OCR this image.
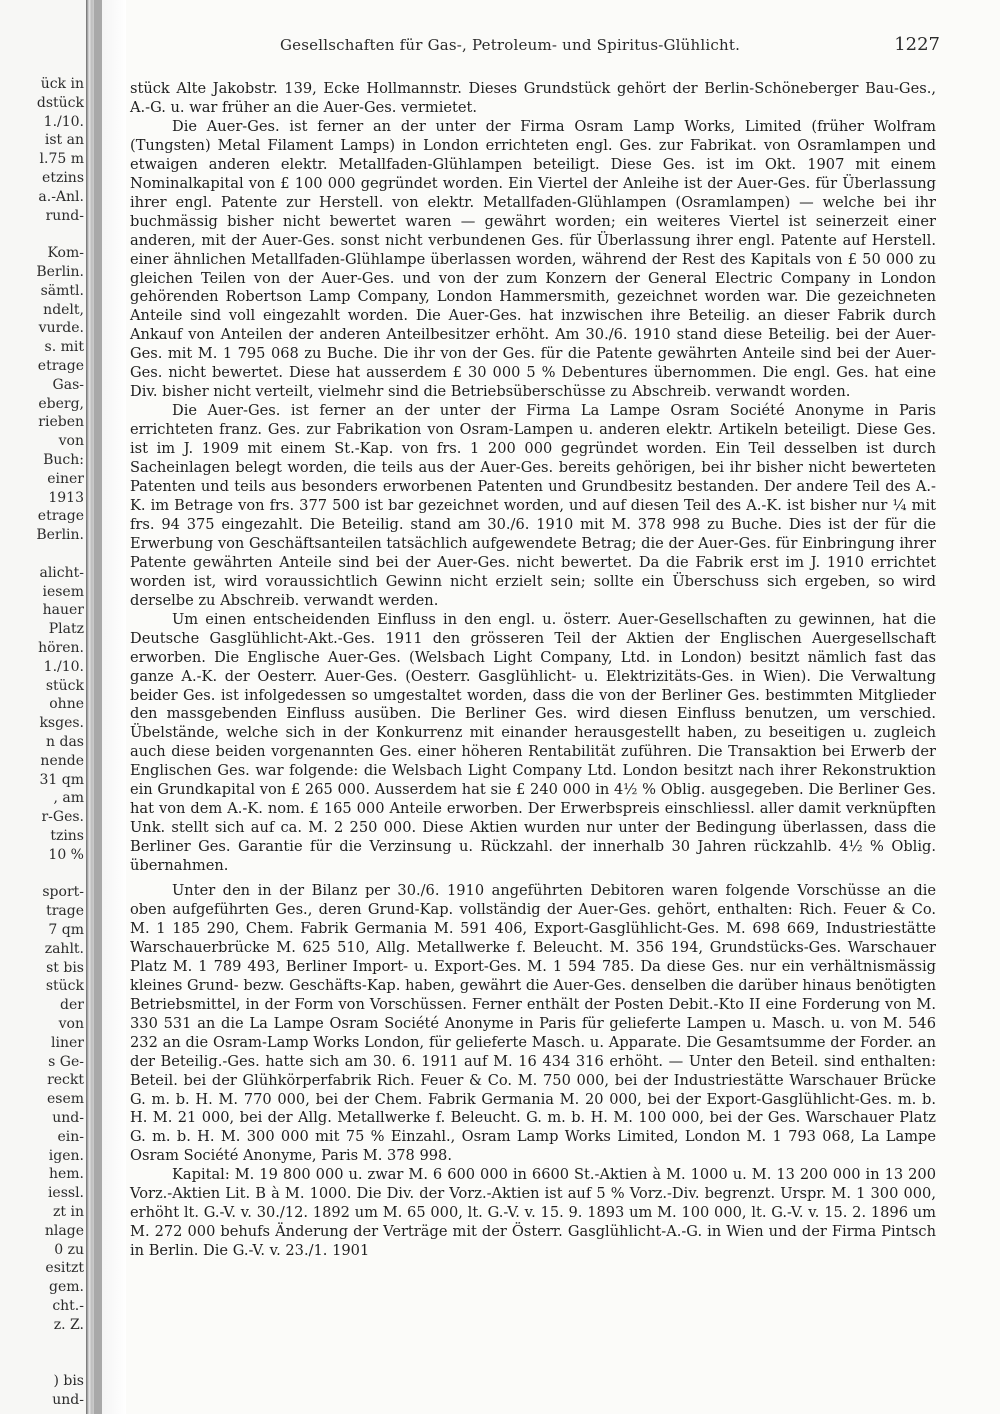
ück in
dstück
1./10.
ist an
l.75 m
etzins
a.-Anl.
rund-
Kom-
Berlin.
sämtl.
ndelt,
vurde.
s. mit
etrage
Gas-
eberg,
rieben
von
Buch:
einer
1913
etrage
Berlin.
alicht-
iesem
hauer
Platz
hören.
1./10.
stück
ohne
ksges.
n das
nende
31 qm
, am
r-Ges.
tzins
10 %
sport-
trage
7 qm
zahlt.
st bis
stück
der
von
liner
s Ge-
reckt
esem
und-
ein-
igen.
hem.
iessl.
zt in
nlage
0 zu
esitzt
gem.
cht.-
z. Z.
) bis
und-
Gesellschaften für Gas-, Petroleum- und Spiritus-Glühlicht.	1227

stück Alte Jakobstr. 139, Ecke Hollmannstr. Dieses Grundstück gehört der Berlin-Schöneberger Bau-Ges., A.-G. u. war früher an die Auer-Ges. vermietet.

Die Auer-Ges. ist ferner an der unter der Firma Osram Lamp Works, Limited (früher Wolfram (Tungsten) Metal Filament Lamps) in London errichteten engl. Ges. zur Fabrikat. von Osramlampen und etwaigen anderen elektr. Metallfaden-Glühlampen beteiligt. Diese Ges. ist im Okt. 1907 mit einem Nominalkapital von £ 100 000 gegründet worden. Ein Viertel der Anleihe ist der Auer-Ges. für Überlassung ihrer engl. Patente zur Herstell. von elektr. Metallfaden-Glühlampen (Osramlampen) — welche bei ihr buchmässig bisher nicht bewertet waren — gewährt worden; ein weiteres Viertel ist seinerzeit einer anderen, mit der Auer-Ges. sonst nicht verbundenen Ges. für Überlassung ihrer engl. Patente auf Herstell. einer ähnlichen Metallfaden-Glühlampe überlassen worden, während der Rest des Kapitals von £ 50 000 zu gleichen Teilen von der Auer-Ges. und von der zum Konzern der General Electric Company in London gehörenden Robertson Lamp Company, London Hammersmith, gezeichnet worden war. Die gezeichneten Anteile sind voll eingezahlt worden. Die Auer-Ges. hat inzwischen ihre Beteilig. an dieser Fabrik durch Ankauf von Anteilen der anderen Anteilbesitzer erhöht. Am 30./6. 1910 stand diese Beteilig. bei der Auer-Ges. mit M. 1 795 068 zu Buche. Die ihr von der Ges. für die Patente gewährten Anteile sind bei der Auer-Ges. nicht bewertet. Diese hat ausserdem £ 30 000 5 % Debentures übernommen. Die engl. Ges. hat eine Div. bisher nicht verteilt, vielmehr sind die Betriebsüberschüsse zu Abschreib. verwandt worden.

Die Auer-Ges. ist ferner an der unter der Firma La Lampe Osram Société Anonyme in Paris errichteten franz. Ges. zur Fabrikation von Osram-Lampen u. anderen elektr. Artikeln beteiligt. Diese Ges. ist im J. 1909 mit einem St.-Kap. von frs. 1 200 000 gegründet worden. Ein Teil desselben ist durch Sacheinlagen belegt worden, die teils aus der Auer-Ges. bereits gehörigen, bei ihr bisher nicht bewerteten Patenten und teils aus besonders erworbenen Patenten und Grundbesitz bestanden. Der andere Teil des A.-K. im Betrage von frs. 377 500 ist bar gezeichnet worden, und auf diesen Teil des A.-K. ist bisher nur ¼ mit frs. 94 375 eingezahlt. Die Beteilig. stand am 30./6. 1910 mit M. 378 998 zu Buche. Dies ist der für die Erwerbung von Geschäftsanteilen tatsächlich aufgewendete Betrag; die der Auer-Ges. für Einbringung ihrer Patente gewährten Anteile sind bei der Auer-Ges. nicht bewertet. Da die Fabrik erst im J. 1910 errichtet worden ist, wird voraussichtlich Gewinn nicht erzielt sein; sollte ein Überschuss sich ergeben, so wird derselbe zu Abschreib. verwandt werden.

Um einen entscheidenden Einfluss in den engl. u. österr. Auer-Gesellschaften zu gewinnen, hat die Deutsche Gasglühlicht-Akt.-Ges. 1911 den grösseren Teil der Aktien der Englischen Auergesellschaft erworben. Die Englische Auer-Ges. (Welsbach Light Company, Ltd. in London) besitzt nämlich fast das ganze A.-K. der Oesterr. Auer-Ges. (Oesterr. Gasglühlicht- u. Elektrizitäts-Ges. in Wien). Die Verwaltung beider Ges. ist infolgedessen so umgestaltet worden, dass die von der Berliner Ges. bestimmten Mitglieder den massgebenden Einfluss ausüben. Die Berliner Ges. wird diesen Einfluss benutzen, um verschied. Übelstände, welche sich in der Konkurrenz mit einander herausgestellt haben, zu beseitigen u. zugleich auch diese beiden vorgenannten Ges. einer höheren Rentabilität zuführen. Die Transaktion bei Erwerb der Englischen Ges. war folgende: die Welsbach Light Company Ltd. London besitzt nach ihrer Rekonstruktion ein Grundkapital von £ 265 000. Ausserdem hat sie £ 240 000 in 4½ % Oblig. ausgegeben. Die Berliner Ges. hat von dem A.-K. nom. £ 165 000 Anteile erworben. Der Erwerbspreis einschliessl. aller damit verknüpften Unk. stellt sich auf ca. M. 2 250 000. Diese Aktien wurden nur unter der Bedingung überlassen, dass die Berliner Ges. Garantie für die Verzinsung u. Rückzahl. der innerhalb 30 Jahren rückzahlb. 4½ % Oblig. übernahmen.

Unter den in der Bilanz per 30./6. 1910 angeführten Debitoren waren folgende Vorschüsse an die oben aufgeführten Ges., deren Grund-Kap. vollständig der Auer-Ges. gehört, enthalten: Rich. Feuer & Co. M. 1 185 290, Chem. Fabrik Germania M. 591 406, Export-Gasglühlicht-Ges. M. 698 669, Industriestätte Warschauerbrücke M. 625 510, Allg. Metallwerke f. Beleucht. M. 356 194, Grundstücks-Ges. Warschauer Platz M. 1 789 493, Berliner Import- u. Export-Ges. M. 1 594 785. Da diese Ges. nur ein verhältnismässig kleines Grund- bezw. Geschäfts-Kap. haben, gewährt die Auer-Ges. denselben die darüber hinaus benötigten Betriebsmittel, in der Form von Vorschüssen. Ferner enthält der Posten Debit.-Kto II eine Forderung von M. 330 531 an die La Lampe Osram Société Anonyme in Paris für gelieferte Lampen u. Masch. u. von M. 546 232 an die Osram-Lamp Works London, für gelieferte Masch. u. Apparate. Die Gesamtsumme der Forder. an der Beteilig.-Ges. hatte sich am 30. 6. 1911 auf M. 16 434 316 erhöht. — Unter den Beteil. sind enthalten: Beteil. bei der Glühkörperfabrik Rich. Feuer & Co. M. 750 000, bei der Industriestätte Warschauer Brücke G. m. b. H. M. 770 000, bei der Chem. Fabrik Germania M. 20 000, bei der Export-Gasglühlicht-Ges. m. b. H. M. 21 000, bei der Allg. Metallwerke f. Beleucht. G. m. b. H. M. 100 000, bei der Ges. Warschauer Platz G. m. b. H. M. 300 000 mit 75 % Einzahl., Osram Lamp Works Limited, London M. 1 793 068, La Lampe Osram Société Anonyme, Paris M. 378 998.

Kapital: M. 19 800 000 u. zwar M. 6 600 000 in 6600 St.-Aktien à M. 1000 u. M. 13 200 000 in 13 200 Vorz.-Aktien Lit. B à M. 1000. Die Div. der Vorz.-Aktien ist auf 5 % Vorz.-Div. begrenzt. Urspr. M. 1 300 000, erhöht lt. G.-V. v. 30./12. 1892 um M. 65 000, lt. G.-V. v. 15. 9. 1893 um M. 100 000, lt. G.-V. v. 15. 2. 1896 um M. 272 000 behufs Änderung der Verträge mit der Österr. Gasglühlicht-A.-G. in Wien und der Firma Pintsch in Berlin. Die G.-V. v. 23./1. 1901
